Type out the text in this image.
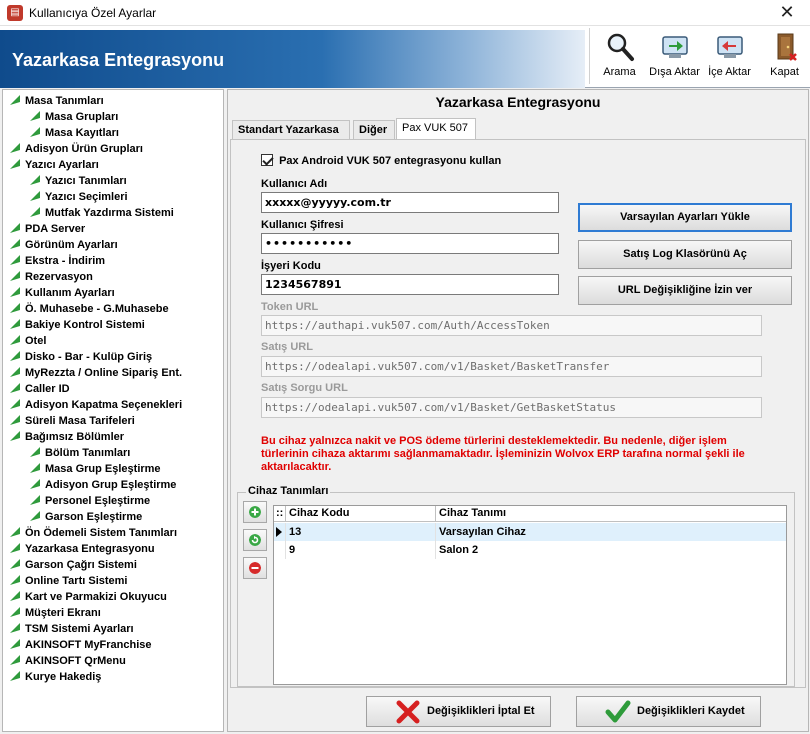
▤ Kullanıcıya Özel Ayarlar	✕
Yazarkasa Entegrasyonu
Arama	Dışa Aktar İçe Aktar	Kapat
Masa Tanımları
Masa Grupları
Masa Kayıtları
Adisyon Ürün Grupları
Yazıcı Ayarları
Yazıcı Tanımları
Yazıcı Seçimleri
Mutfak Yazdırma Sistemi
PDA Server
Görünüm Ayarları
Ekstra - İndirim
Rezervasyon
Kullanım Ayarları
Ö. Muhasebe - G.Muhasebe
Bakiye Kontrol Sistemi
Otel
Disko - Bar - Kulüp Giriş
MyRezzta / Online Sipariş Ent.
Caller ID
Adisyon Kapatma Seçenekleri
Süreli Masa Tarifeleri
Bağımsız Bölümler
Bölüm Tanımları
Masa Grup Eşleştirme
Adisyon Grup Eşleştirme
Personel Eşleştirme
Garson Eşleştirme
Ön Ödemeli Sistem Tanımları
Yazarkasa Entegrasyonu
Garson Çağrı Sistemi
Online Tartı Sistemi
Kart ve Parmakizi Okuyucu
Müşteri Ekranı
TSM Sistemi Ayarları
AKINSOFT MyFranchise
AKINSOFT QrMenu
Kurye Hakediş
Yazarkasa Entegrasyonu
Standart Yazarkasa	Diğer	Pax VUK 507
Pax Android VUK 507 entegrasyonu kullan
Kullanıcı Adı
xxxxx@yyyyy.com.tr
Kullanıcı Şifresi
•••••••••••
İşyeri Kodu
1234567891
Varsayılan Ayarları Yükle
Satış Log Klasörünü Aç
URL Değişikliğine İzin ver
Token URL
https://authapi.vuk507.com/Auth/AccessToken
Satış URL
https://odealapi.vuk507.com/v1/Basket/BasketTransfer
Satış Sorgu URL
https://odealapi.vuk507.com/v1/Basket/GetBasketStatus
Bu cihaz yalnızca nakit ve POS ödeme türlerini desteklemektedir. Bu nedenle, diğer işlem türlerinin cihaza aktarımı sağlanmamaktadır. İşleminizin Wolvox ERP tarafına normal şekli ile aktarılacaktır.
Cihaz Tanımları
:: Cihaz Kodu	Cihaz Tanımı
13	Varsayılan Cihaz
9	Salon 2
Değişiklikleri İptal Et	Değişiklikleri Kaydet
